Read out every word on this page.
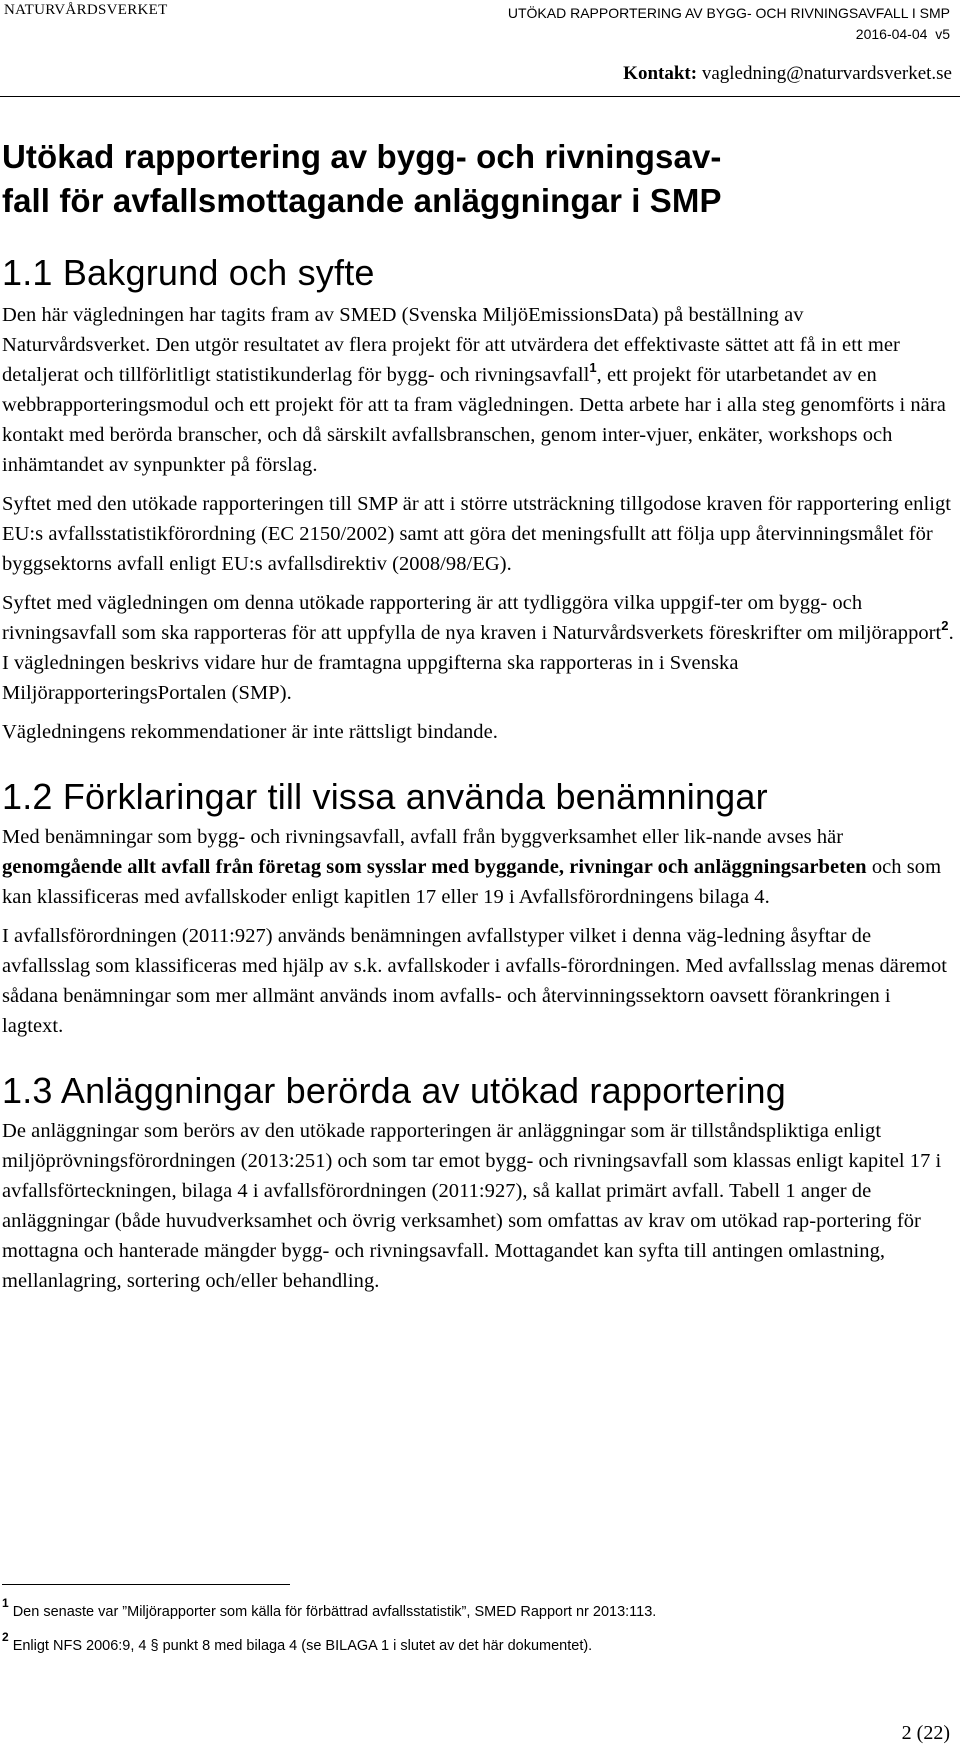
NATURVÅRDSVERKET	UTÖKAD RAPPORTERING AV BYGG- OCH RIVNINGSAVFALL I SMP
2016-04-04 v5
Kontakt: vagledning@naturvardsverket.se
Utökad rapportering av bygg- och rivningsav-
fall för avfallsmottagande anläggningar i SMP
1.1 Bakgrund och syfte

Den här vägledningen har tagits fram av SMED (Svenska MiljöEmissionsData) på beställning av Naturvårdsverket. Den utgör resultatet av flera projekt för att utvärdera det effektivaste sättet att få in ett mer detaljerat och tillförlitligt statistikunderlag för bygg- och rivningsavfall$^1$, ett projekt för utarbetandet av en webbrapporteringsmodul och ett projekt för att ta fram vägledningen. Detta arbete har i alla steg genomförts i nära kontakt med berörda branscher, och då särskilt avfallsbranschen, genom inter-vjuer, enkäter, workshops och inhämtandet av synpunkter på förslag.

Syftet med den utökade rapporteringen till SMP är att i större utsträckning tillgodose kraven för rapportering enligt EU:s avfallsstatistikförordning (EC 2150/2002) samt att göra det meningsfullt att följa upp återvinningsmålet för byggsektorns avfall enligt EU:s avfallsdirektiv (2008/98/EG).

Syftet med vägledningen om denna utökade rapportering är att tydliggöra vilka uppgif-ter om bygg- och rivningsavfall som ska rapporteras för att uppfylla de nya kraven i Naturvårdsverkets föreskrifter om miljörapport$^2$. I vägledningen beskrivs vidare hur de framtagna uppgifterna ska rapporteras in i Svenska MiljörapporteringsPortalen (SMP).

Vägledningens rekommendationer är inte rättsligt bindande.

1.2 Förklaringar till vissa använda benämningar

Med benämningar som bygg- och rivningsavfall, avfall från byggverksamhet eller lik-nande avses här genomgående allt avfall från företag som sysslar med byggande, rivningar och anläggningsarbeten och som kan klassificeras med avfallskoder enligt kapitlen 17 eller 19 i Avfallsförordningens bilaga 4.

I avfallsförordningen (2011:927) används benämningen avfallstyper vilket i denna väg-ledning åsyftar de avfallsslag som klassificeras med hjälp av s.k. avfallskoder i avfalls-förordningen. Med avfallsslag menas däremot sådana benämningar som mer allmänt används inom avfalls- och återvinningssektorn oavsett förankringen i lagtext.

1.3 Anläggningar berörda av utökad rapportering

De anläggningar som berörs av den utökade rapporteringen är anläggningar som är tillståndspliktiga enligt miljöprövningsförordningen (2013:251) och som tar emot bygg- och rivningsavfall som klassas enligt kapitel 17 i avfallsförteckningen, bilaga 4 i avfallsförordningen (2011:927), så kallat primärt avfall. Tabell 1 anger de anläggningar (både huvudverksamhet och övrig verksamhet) som omfattas av krav om utökad rap-portering för mottagna och hanterade mängder bygg- och rivningsavfall. Mottagandet kan syfta till antingen omlastning, mellanlagring, sortering och/eller behandling.

$^1$Den senaste var ”Miljörapporter som källa för förbättrad avfallsstatistik”, SMED Rapport nr 2013:113.
$^2$Enligt NFS 2006:9, 4 § punkt 8 med bilaga 4 (se BILAGA 1 i slutet av det här dokumentet).
2 (22)
